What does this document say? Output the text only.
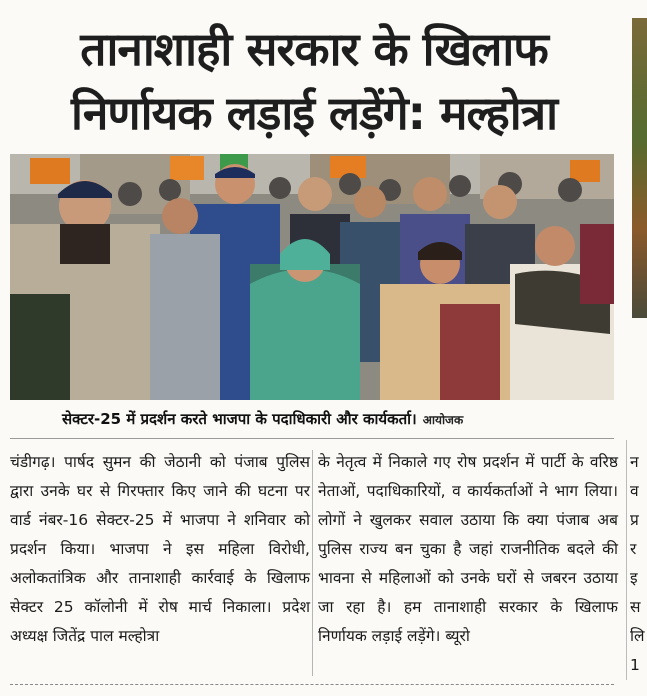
तानाशाही सरकार के खिलाफ
निर्णायक लड़ाई लड़ेंगे: मल्होत्रा
सेक्टर-25 में प्रदर्शन करते भाजपा के पदाधिकारी और कार्यकर्ता। आयोजक

चंडीगढ़। पार्षद सुमन की जेठानी को पंजाब पुलिस द्वारा उनके घर से गिरफ्तार किए जाने की घटना पर वार्ड नंबर-16 सेक्टर-25 में भाजपा ने शनिवार को प्रदर्शन किया। भाजपा ने इस महिला विरोधी, अलोकतांत्रिक और तानाशाही कार्रवाई के खिलाफ सेक्टर 25 कॉलोनी में रोष मार्च निकाला। प्रदेश अध्यक्ष जितेंद्र पाल मल्होत्रा

के नेतृत्व में निकाले गए रोष प्रदर्शन में पार्टी के वरिष्ठ नेताओं, पदाधिकारियों, व कार्यकर्ताओं ने भाग लिया। लोगों ने खुलकर सवाल उठाया कि क्या पंजाब अब पुलिस राज्य बन चुका है जहां राजनीतिक बदले की भावना से महिलाओं को उनके घरों से जबरन उठाया जा रहा है। हम तानाशाही सरकार के खिलाफ निर्णायक लड़ाई लड़ेंगे। ब्यूरो

न
व
प्र
र
इ
स
लि
1
